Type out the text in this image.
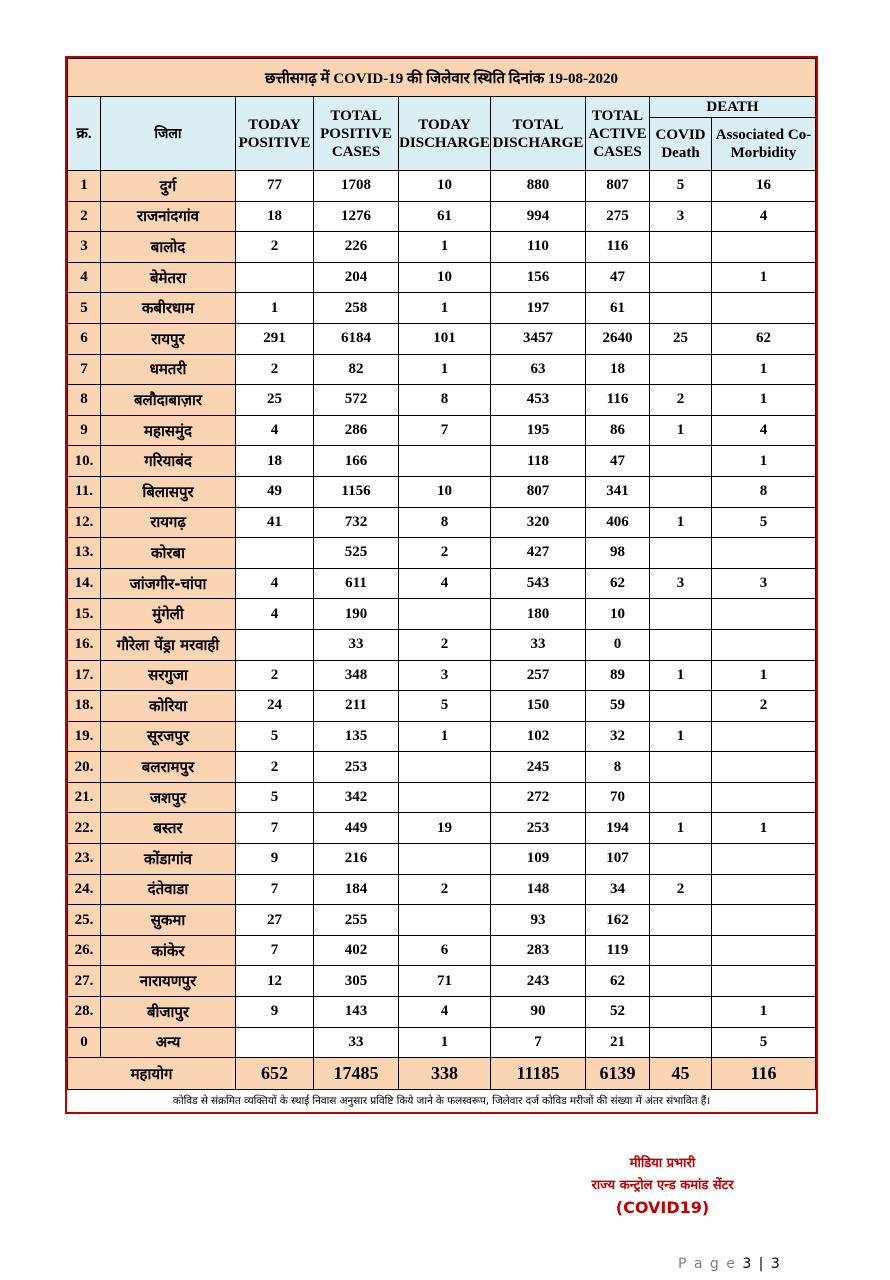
छत्तीसगढ़ में COVID-19 की जिलेवार स्थिति दिनांक 19-08-2020								
क्र.	जिला	TODAY POSITIVE	TOTAL POSITIVE CASES	TODAY DISCHARGE	TOTAL DISCHARGE	TOTAL ACTIVE CASES	DEATH	
							COVID Death	Associated Co-Morbidity
1	दुर्ग	77	1708	10	880	807	5	16
2	राजनांदगांव	18	1276	61	994	275	3	4
3	बालोद	2	226	1	110	116		
4	बेमेतरा		204	10	156	47		1
5	कबीरधाम	1	258	1	197	61		
6	रायपुर	291	6184	101	3457	2640	25	62
7	धमतरी	2	82	1	63	18		1
8	बलौदाबाज़ार	25	572	8	453	116	2	1
9	महासमुंद	4	286	7	195	86	1	4
10.	गरियाबंद	18	166		118	47		1
11.	बिलासपुर	49	1156	10	807	341		8
12.	रायगढ़	41	732	8	320	406	1	5
13.	कोरबा		525	2	427	98		
14.	जांजगीर-चांपा	4	611	4	543	62	3	3
15.	मुंगेली	4	190		180	10		
16.	गौरेला पेंड्रा मरवाही		33	2	33	0		
17.	सरगुजा	2	348	3	257	89	1	1
18.	कोरिया	24	211	5	150	59		2
19.	सूरजपुर	5	135	1	102	32	1	
20.	बलरामपुर	2	253		245	8		
21.	जशपुर	5	342		272	70		
22.	बस्तर	7	449	19	253	194	1	1
23.	कोंडागांव	9	216		109	107		
24.	दंतेवाडा	7	184	2	148	34	2	
25.	सुकमा	27	255		93	162		
26.	कांकेर	7	402	6	283	119		
27.	नारायणपुर	12	305	71	243	62		
28.	बीजापुर	9	143	4	90	52		1
0	अन्य		33	1	7	21		5
महायोग		652	17485	338	11185	6139	45	116
कोविड से संक्रमित व्यक्तियों के स्थाई निवास अनुसार प्रविष्टि किये जाने के फलस्वरूप, जिलेवार दर्ज कोविड मरीजों की संख्या में अंतर संभावित हैं।
मीडिया प्रभारी
राज्य कन्ट्रोल एन्ड कमांड सेंटर
(COVID19)
P a g e 3 | 3
